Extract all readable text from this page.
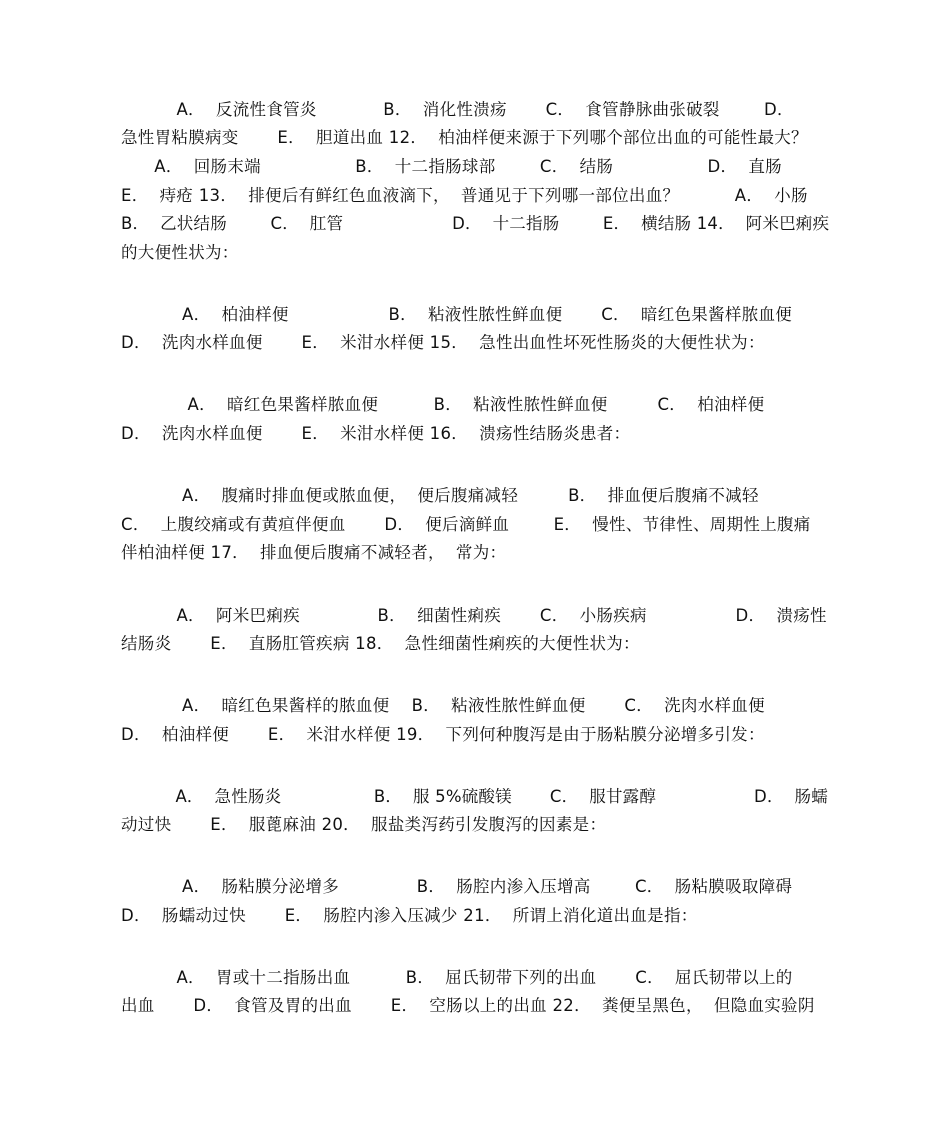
A．  反流性食管炎            B．  消化性溃疡       C．  食管静脉曲张破裂        D．
急性胃粘膜病变       E．  胆道出血 12．  柏油样便来源于下列哪个部位出血的可能性最大？
A．  回肠末端                 B．  十二指肠球部        C．  结肠                 D．  直肠
E．  痔疮 13．  排便后有鲜红色血液滴下，  普通见于下列哪一部位出血？          A．  小肠
B．  乙状结肠        C．  肛管                    D．  十二指肠        E．  横结肠 14．  阿米巴痢疾
的大便性状为：
A．  柏油样便                  B．  粘液性脓性鲜血便       C．  暗红色果酱样脓血便
D．  洗肉水样血便       E．  米泔水样便 15．  急性出血性坏死性肠炎的大便性状为：
A．  暗红色果酱样脓血便          B．  粘液性脓性鲜血便         C．  柏油样便
D．  洗肉水样血便       E．  米泔水样便 16．  溃疡性结肠炎患者：
A．  腹痛时排血便或脓血便，  便后腹痛减轻         B．  排血便后腹痛不减轻
C．  上腹绞痛或有黄疸伴便血       D．  便后滴鲜血        E．  慢性、节律性、周期性上腹痛
伴柏油样便 17．  排血便后腹痛不减轻者，  常为：
A．  阿米巴痢疾              B．  细菌性痢疾       C．  小肠疾病                D．  溃疡性
结肠炎       E．  直肠肛管疾病 18．  急性细菌性痢疾的大便性状为：
A．  暗红色果酱样的脓血便    B．  粘液性脓性鲜血便       C．  洗肉水样血便
D．  柏油样便       E．  米泔水样便 19．  下列何种腹泻是由于肠粘膜分泌增多引发：
A．  急性肠炎                 B．  服 5%硫酸镁       C．  服甘露醇                  D．  肠蠕
动过快       E．  服蓖麻油 20．  服盐类泻药引发腹泻的因素是：
A．  肠粘膜分泌增多              B．  肠腔内渗入压增高        C．  肠粘膜吸取障碍
D．  肠蠕动过快       E．  肠腔内渗入压减少 21．  所谓上消化道出血是指：
A．  胃或十二指肠出血          B．  屈氏韧带下列的出血       C．  屈氏韧带以上的
出血       D．  食管及胃的出血       E．  空肠以上的出血 22．  粪便呈黑色，  但隐血实验阴
